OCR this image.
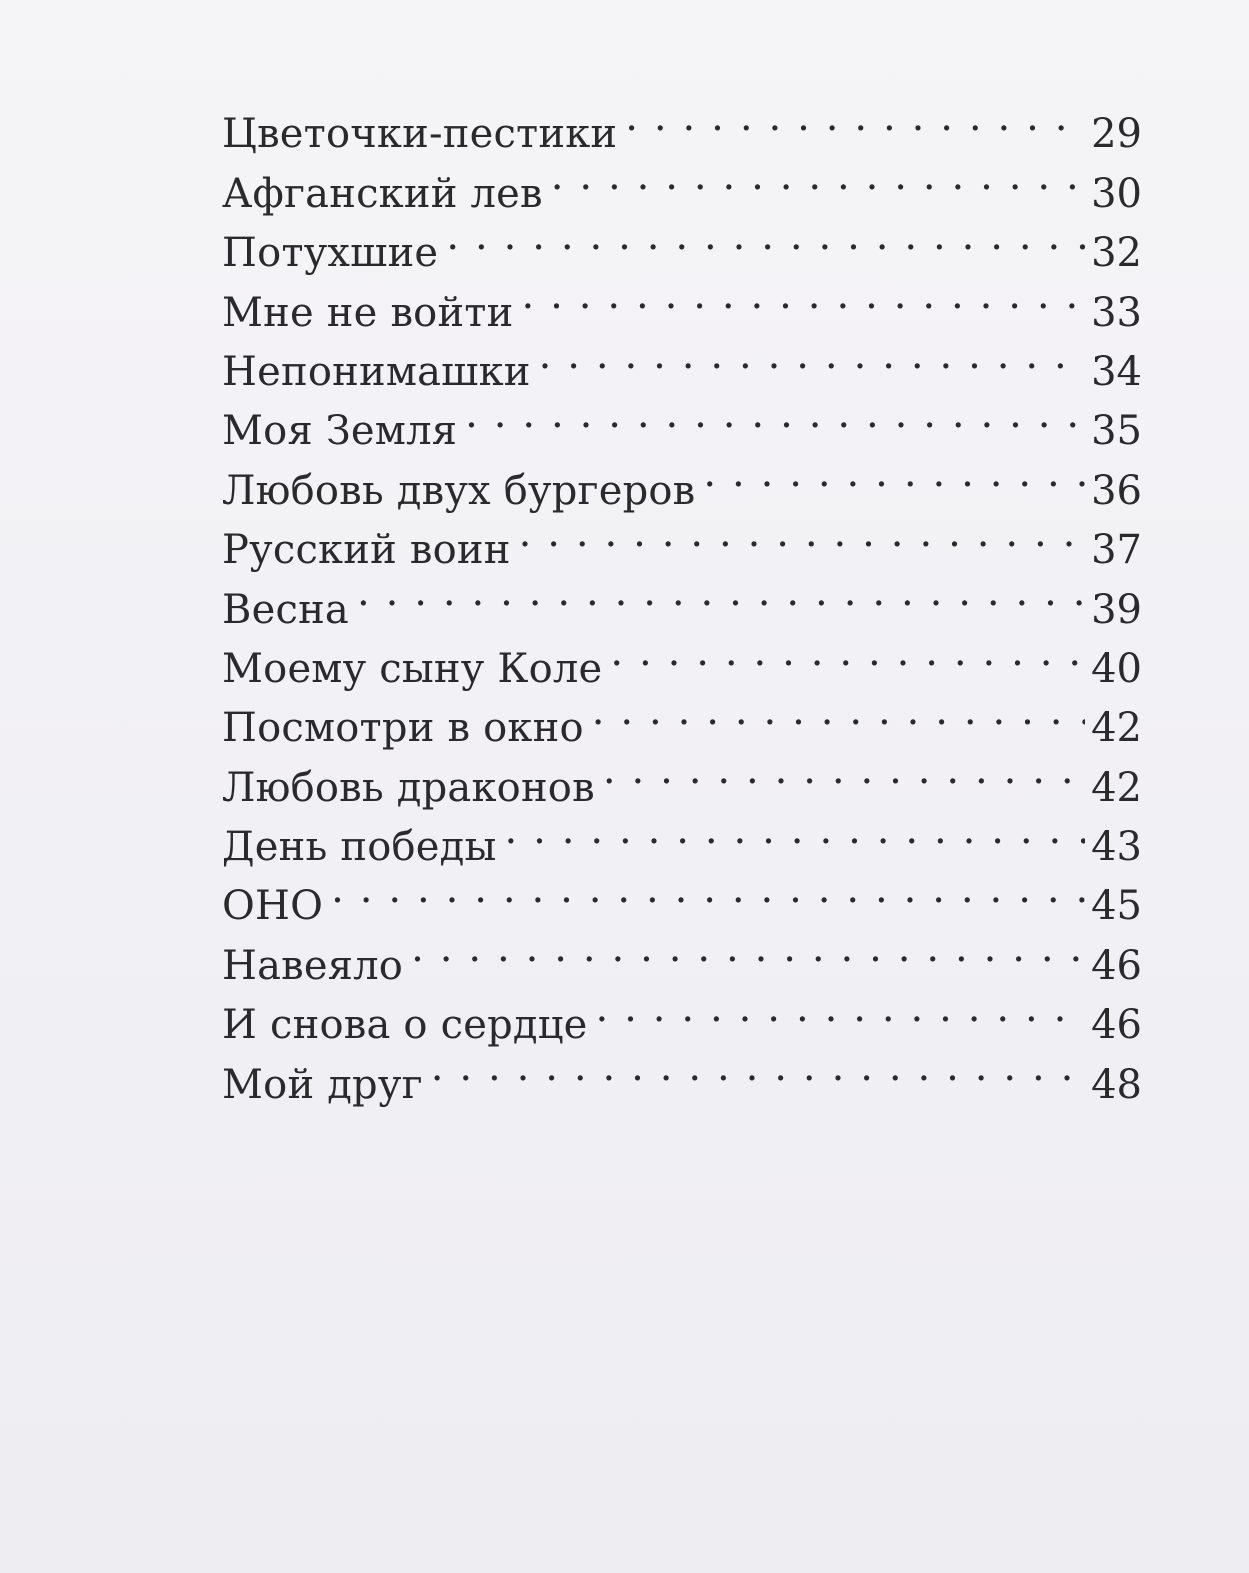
Цветочки-пестики . . .	29
Афганский лев . . .	30
Потухшие . . .	32
Мне не войти . . .	33
Непонимашки . . .	34
Моя Земля . . .	35
Любовь двух бургеров . . .	36
Русский воин . . .	37
Весна . . .	39
Моему сыну Коле . . .	40
Посмотри в окно . . .	42
Любовь драконов . . .	42
День победы . . .	43
ОНО . . .	45
Навеяло . . .	46
И снова о сердце . . .	46
Мой друг . . .	48
